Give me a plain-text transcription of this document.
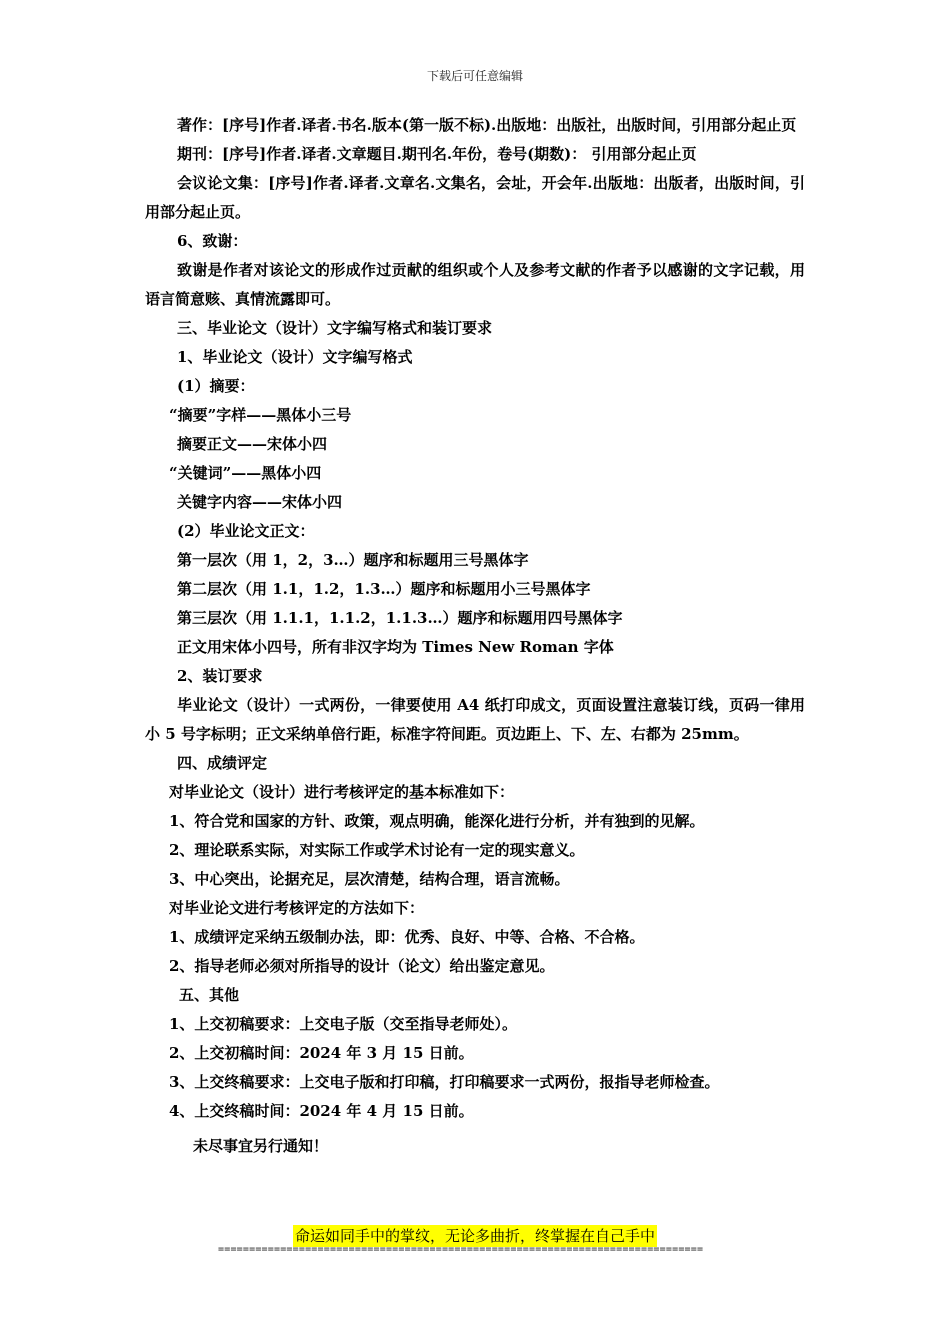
下载后可任意编辑

著作：[序号]作者.译者.书名.版本(第一版不标).出版地：出版社，出版时间，引用部分起止页

期刊：[序号]作者.译者.文章题目.期刊名.年份，卷号(期数)： 引用部分起止页

会议论文集：[序号]作者.译者.文章名.文集名，会址，开会年.出版地：出版者，出版时间，引用部分起止页。

6、致谢：

致谢是作者对该论文的形成作过贡献的组织或个人及参考文献的作者予以感谢的文字记载，用语言简意赅、真情流露即可。

三、毕业论文（设计）文字编写格式和装订要求

1、毕业论文（设计）文字编写格式

(1）摘要：

“摘要”字样——黑体小三号

摘要正文——宋体小四

“关键词”——黑体小四

关键字内容——宋体小四

(2）毕业论文正文：

第一层次（用 1，2，3…）题序和标题用三号黑体字

第二层次（用 1.1，1.2，1.3…）题序和标题用小三号黑体字

第三层次（用 1.1.1，1.1.2，1.1.3…）题序和标题用四号黑体字

正文用宋体小四号，所有非汉字均为 Times New Roman 字体

2、装订要求

毕业论文（设计）一式两份，一律要使用 A4 纸打印成文，页面设置注意装订线，页码一律用小 5 号字标明；正文采纳单倍行距，标准字符间距。页边距上、下、左、右都为 25mm。

四、成绩评定

对毕业论文（设计）进行考核评定的基本标准如下：

1、符合党和国家的方针、政策，观点明确，能深化进行分析，并有独到的见解。

2、理论联系实际，对实际工作或学术讨论有一定的现实意义。

3、中心突出，论据充足，层次清楚，结构合理，语言流畅。

对毕业论文进行考核评定的方法如下：

1、成绩评定采纳五级制办法，即：优秀、良好、中等、合格、不合格。

2、指导老师必须对所指导的设计（论文）给出鉴定意见。

五、其他

1、上交初稿要求：上交电子版（交至指导老师处）。

2、上交初稿时间：2024 年 3 月 15 日前。

3、上交终稿要求：上交电子版和打印稿，打印稿要求一式两份，报指导老师检查。

4、上交终稿时间：2024 年 4 月 15 日前。

未尽事宜另行通知！

命运如同手中的掌纹，无论多曲折，终掌握在自己手中
==============================================================================
